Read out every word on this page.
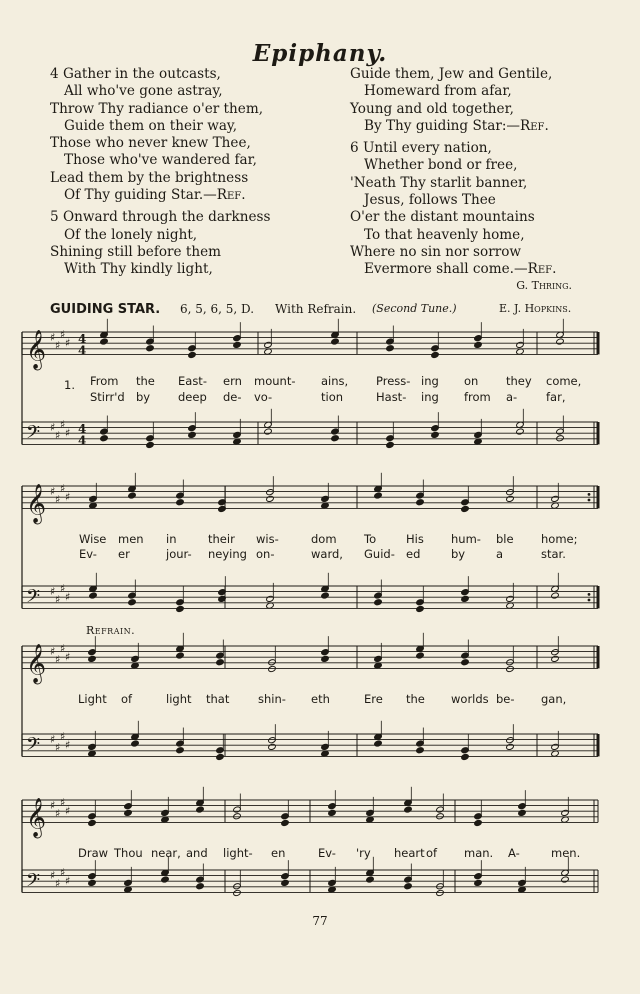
Epiphany.
4 Gather in the outcasts,
All who've gone astray,
Throw Thy radiance o'er them,
Guide them on their way,
Those who never knew Thee,
Those who've wandered far,
Lead them by the brightness
Of Thy guiding Star.—Ref.
5 Onward through the darkness
Of the lonely night,
Shining still before them
With Thy kindly light,
Guide them, Jew and Gentile,
Homeward from afar,
Young and old together,
By Thy guiding Star:—Ref.
6 Until every nation,
Whether bond or free,
'Neath Thy starlit banner,
Jesus, follows Thee
O'er the distant mountains
To that heavenly home,
Where no sin nor sorrow
Evermore shall come.—Ref.
G. Thring.
GUIDING STAR. 6, 5, 6, 5, D. With Refrain. (Second Tune.)	E. J. Hopkins.
𝄞 ♯
♯
♯
♯ 4
4
𝄢 ♯
♯
♯
♯ 4
4
𝄞 ♯
♯
♯
♯
𝄢 ♯
♯
♯
♯
𝄞 ♯
♯
♯
♯
𝄢 ♯
♯
♯
♯
𝄞 ♯
♯
♯
♯
𝄢 ♯
♯
♯
♯
From the East- ern mount- ains, Press- ing on they come,
Stirr'd by deep de- vo-	tion	Hast- ing from a-	far,
1.
Wise men in	their wis-	dom To	His hum- ble home;
Ev- er	jour- neying on-	ward, Guid- ed	by	a	star.
Light of	light that shin- eth	Ere the worlds be- gan,
Draw Thou near, and light- en	Ev- 'ry heart of man. A-	men.
Refrain.
77
